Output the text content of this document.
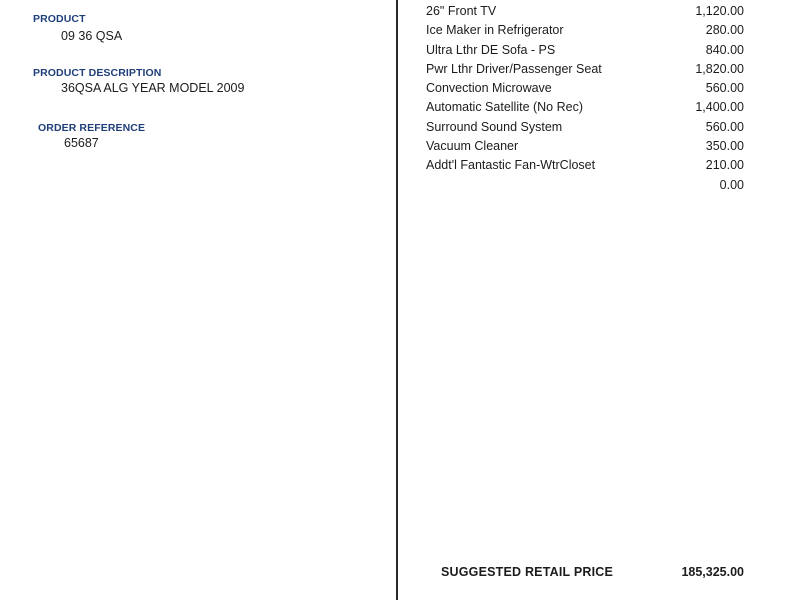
PRODUCT
09 36 QSA
PRODUCT DESCRIPTION
36QSA ALG YEAR MODEL 2009
ORDER REFERENCE
65687
26" Front TV	1,120.00
Ice Maker in Refrigerator	280.00
Ultra Lthr DE Sofa - PS	840.00
Pwr Lthr Driver/Passenger Seat	1,820.00
Convection Microwave	560.00
Automatic Satellite (No Rec)	1,400.00
Surround Sound System	560.00
Vacuum Cleaner	350.00
Addt'l Fantastic Fan-WtrCloset	210.00
0.00
SUGGESTED RETAIL PRICE	185,325.00
